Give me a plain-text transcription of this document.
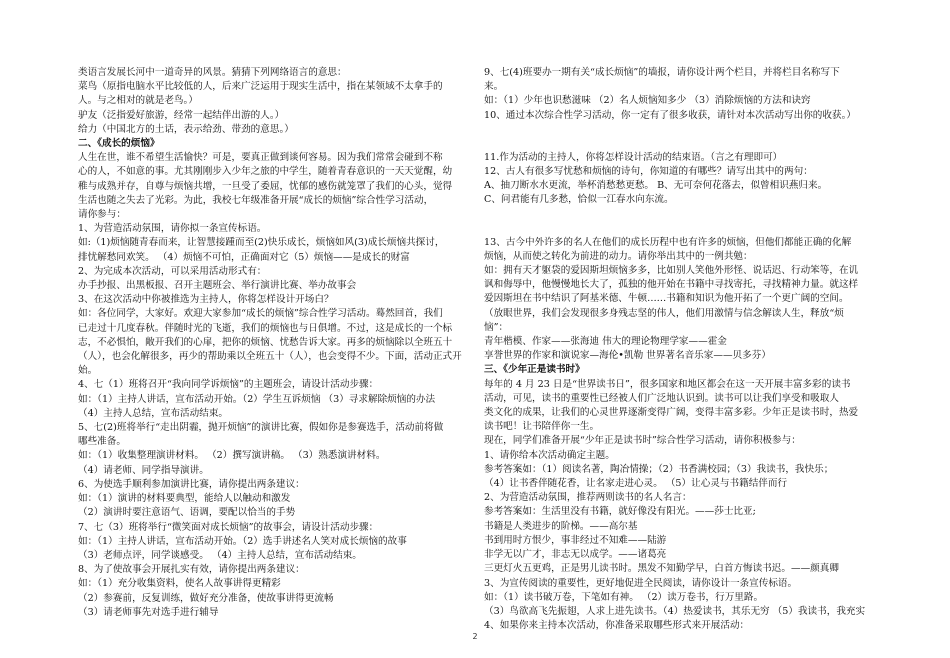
类语言发展长河中一道奇异的风景。猜猜下列网络语言的意思：
菜鸟（原指电脑水平比较低的人，后来广泛运用于现实生活中，指在某领域不太拿手的
人。与之相对的就是老鸟。）
驴友（泛指爱好旅游，经常一起结伴出游的人。）
给力（中国北方的土话，表示给劲、带劲的意思。）
二、《成长的烦恼》
人生在世，谁不希望生活愉快？可是，要真正做到谈何容易。因为我们常常会碰到不称
心的人，不如意的事。尤其刚刚步入少年之旅的中学生，随着青春意识的一天天觉醒，幼
稚与成熟并存，自尊与烦恼共增，一旦受了委屈，忧郁的感伤就笼罩了我们的心头，觉得
生活也随之失去了光彩。为此，我校七年级准备开展“成长的烦恼”综合性学习活动，
请你参与：
1、为营造活动氛围，请你拟一条宣传标语。
如:（1)烦恼随青春而来，让智慧接踵而至(2)快乐成长，烦恼如风(3)成长烦恼共探讨，
排忧解愁同欢笑。 （4）烦恼不可怕，正确面对它（5）烦恼——是成长的财富
2、为完成本次活动，可以采用活动形式有：
办手抄报、出黑板报、召开主题班会、举行演讲比赛、举办故事会
3、在这次活动中你被推选为主持人，你将怎样设计开场白？
如：各位同学，大家好。欢迎大家参加“成长的烦恼”综合性学习活动。蓦然回首，我们
已走过十几度春秋。伴随时光的飞逝，我们的烦恼也与日俱增。不过，这是成长的一个标
志，不必惧怕，敞开我们的心扉，把你的烦恼、忧愁告诉大家。再多的烦恼除以全班五十
（人），也会化解很多，再少的帮助乘以全班五十（人），也会变得不少。下面，活动正式开
始。
4、七（1）班将召开“我向同学诉烦恼”的主题班会，请设计活动步骤：
如：（1）主持人讲话，宣布活动开始。（2）学生互诉烦恼 （3）寻求解除烦恼的办法
（4）主持人总结，宣布活动结束。
5、七(2)班将举行“走出阴霾，抛开烦恼”的演讲比赛，假如你是参赛选手，活动前将做
哪些准备。
如：（1）收集整理演讲材料。 （2）撰写演讲稿。 （3）熟悉演讲材料。
（4）请老师、同学指导演讲。
6、为使选手顺利参加演讲比赛，请你提出两条建议：
如：（1）演讲的材料要典型，能给人以触动和激发
（2）演讲时要注意语气、语调，要配以恰当的手势
7、七（3）班将举行“微笑面对成长烦恼”的故事会，请设计活动步骤：
如：（1）主持人讲话，宣布活动开始。（2）选手讲述名人笑对成长烦恼的故事
（3）老师点评，同学谈感受。 （4）主持人总结，宣布活动结束。
8、为了使故事会开展扎实有效，请你提出两条建议：
如：（1）充分收集资料，使名人故事讲得更精彩
（2）参赛前，反复训练，做好充分准备，使故事讲得更流畅
（3）请老师事先对选手进行辅导
9、七(4)班要办一期有关“成长烦恼”的墙报，请你设计两个栏目，并将栏目名称写下
来。
如：（1）少年也识愁滋味 （2）名人烦恼知多少 （3）消除烦恼的方法和诀窍
10、通过本次综合性学习活动，你一定有了很多收获，请针对本次活动写出你的收获。）
11.作为活动的主持人，你将怎样设计活动的结束语。（言之有理即可）
12、古人有很多写忧愁和烦恼的诗句，你知道的有哪些？请写出其中的两句：
A、抽刀断水水更流，举杯消愁愁更愁。 B、无可奈何花落去，似曾相识燕归来。
C、问君能有几多愁，恰似一江春水向东流。
13、古今中外许多的名人在他们的成长历程中也有许多的烦恼，但他们都能正确的化解
烦恼，从而使之转化为前进的动力。请你举出其中的一例共勉：
如：拥有天才躯袋的爱因斯坦烦恼多多，比如别人笑他外形怪、说话迟、行动笨等，在讥
讽和侮辱中，他慢慢地长大了，孤独的他开始在书籍中寻找寄托，寻找精神力量。就这样
爱因斯坦在书中结识了阿基米德、牛顿……书籍和知识为他开拓了一个更广阔的空间。
（放眼世界，我们会发现很多身残志坚的伟人，他们用激情与信念解读人生，释放“烦
恼”：
青年楷模、作家——张海迪 伟大的理论物理学家——霍金
享誉世界的作家和演说家—海伦•凯勒 世界著名音乐家——贝多芬）
三、《少年正是读书时》
每年的 4 月 23 日是“世界读书日”，很多国家和地区都会在这一天开展丰富多彩的读书
活动，可见，读书的重要性已经被人们广泛地认识到。读书可以让我们享受和吸取人
类文化的成果，让我们的心灵世界逐渐变得广阔，变得丰富多彩。少年正是读书时，热爱
读书吧！让书陪伴你一生。
现在，同学们准备开展“少年正是读书时”综合性学习活动，请你积极参与：
1、请你给本次活动确定主题。
参考答案如：（1）阅读名著，陶冶情操；（2）书香满校园；（3）我读书，我快乐；
（4）让书香伴随花香，让名家走进心灵。 （5）让心灵与书籍结伴而行
2、为营造活动氛围，推荐两则读书的名人名言：
参考答案如：生活里没有书籍，就好像没有阳光。——莎士比亚;
书籍是人类进步的阶梯。——高尔基
书到用时方恨少，事非经过不知难——陆游
非学无以广才，非志无以成学。——诸葛亮
三更灯火五更鸡，正是男儿读书时。黑发不知勤学早，白首方悔读书迟。——颜真卿
3、为宣传阅读的重要性，更好地促进全民阅读，请你设计一条宣传标语。
如：（1）读书破万卷，下笔如有神。 （2）读万卷书，行万里路。
（3）鸟欲高飞先振翅，人求上进先读书。（4）热爱读书，其乐无穷 （5）我读书，我充实
4、如果你来主持本次活动，你准备采取哪些形式来开展活动：
2
